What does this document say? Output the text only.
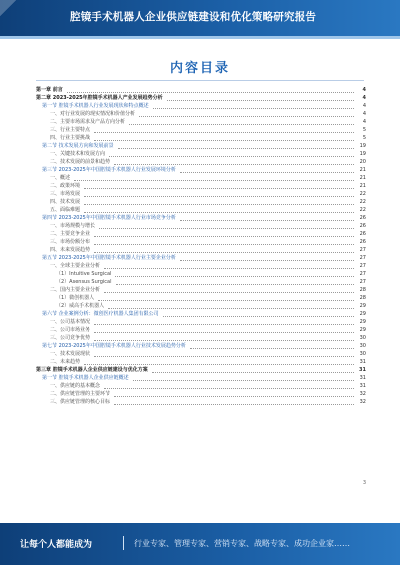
腔镜手术机器人企业供应链建设和优化策略研究报告
内容目录
第一章 前言	4
第二章 2023-2025年腔镜手术机器人产业发展趋势分析	4
第一节 腔镜手术机器人行业发展现状和特点概述	4
一、对行业发展的现实情况和价值分析	4
二、主要市场需求及产品方向分析	4
三、行业主要特点	5
四、行业主要挑战	5
第二节 技术发展方向和发展前景	19
一、关键技术和发展方向	19
二、技术发展的前景和趋势	20
第三节 2023-2025年中国腔镜手术机器人行业发展环境分析	21
一、概述	21
二、政策环境	21
三、市场发展	22
四、技术发展	22
五、面临难题	22
第四节 2023-2025年中国腔镜手术机器人行业市场竞争分析	26
一、市场规模与增长	26
二、主要竞争企业	26
三、市场份额分布	26
四、未来发展趋势	27
第五节 2023-2025年中国腔镜手术机器人行业主要企业分析	27
一、全球主要企业分析	27
（1）Intuitive Surgical	27
（2）Asensus Surgical	27
二、国内主要企业分析	28
（1）微创机器人	28
（2）威高手术机器人	29
第六节 企业案例分析：微创医疗机器人集团有限公司	29
一、公司基本情况	29
二、公司市场业务	29
三、公司竞争优势	30
第七节 2023-2025年中国腔镜手术机器人行业技术发展趋势分析	30
一、技术发展现状	30
二、未来趋势	31
第三章 腔镜手术机器人企业供应链建设与优化方案	31
第一节 腔镜手术机器人企业供应链概述	31
一、供应链的基本概念	31
二、供应链管理的主要环节	32
三、供应链管理的核心目标	32
3
让每个人都能成为	行业专家、管理专家、营销专家、战略专家、成功企业家……
